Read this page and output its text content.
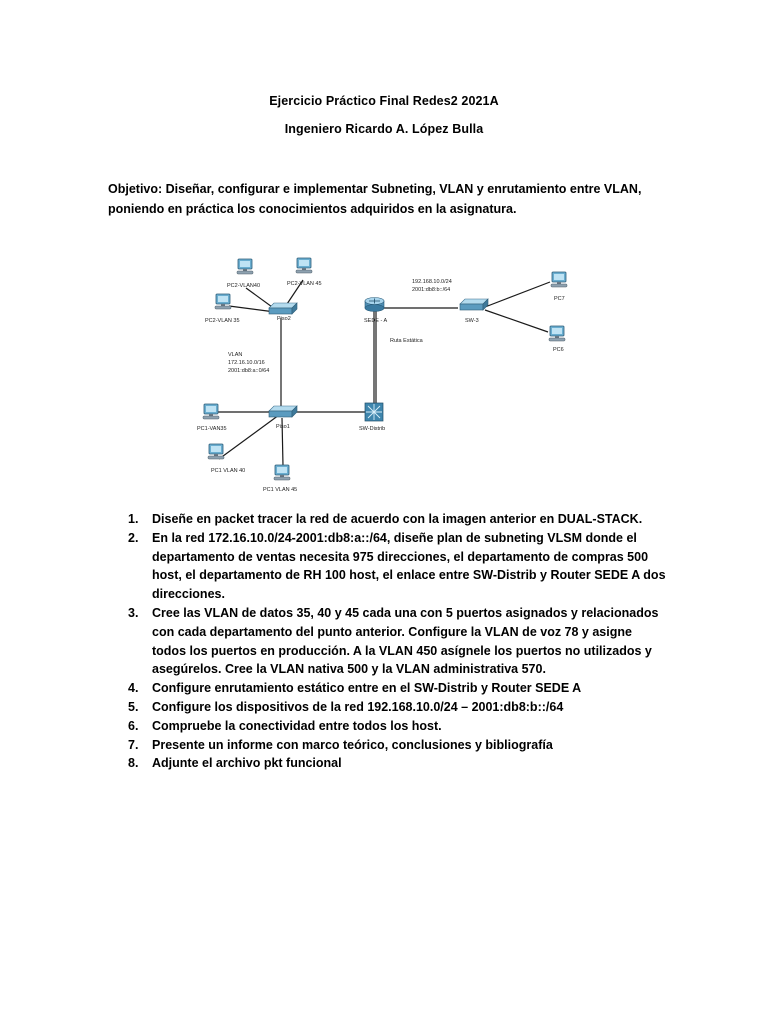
Ejercicio Práctico Final Redes2 2021A
Ingeniero Ricardo A. López Bulla
Objetivo: Diseñar, configurar e implementar Subneting, VLAN y enrutamiento entre VLAN, poniendo en práctica los conocimientos adquiridos en la asignatura.
PC2-VLAN40	PC2-VLAN 45
PC2-VLAN 35	Piso2
PC1-VAN35	Piso1
PC1 VLAN 40
PC1 VLAN 45
SEDE - A	SW-3
SW-Distrib
PC7
PC6
VLAN
172.16.10.0/16
2001:db8:a::0/64
192.168.10.0/24
2001:db8:b::/64
Ruta Estática
1. Diseñe en packet tracer la red de acuerdo con la imagen anterior en DUAL-STACK.
2. En la red 172.16.10.0/24-2001:db8:a::/64, diseñe plan de subneting VLSM donde el departamento de ventas necesita 975 direcciones, el departamento de compras 500 host, el departamento de RH 100 host, el enlace entre SW-Distrib y Router SEDE A dos direcciones.
3. Cree las VLAN de datos 35, 40 y 45 cada una con 5 puertos asignados y relacionados con cada departamento del punto anterior. Configure la VLAN de voz 78 y asigne todos los puertos en producción. A la VLAN 450 asígnele los puertos no utilizados y asegúrelos. Cree la VLAN nativa 500 y la VLAN administrativa 570.
4. Configure enrutamiento estático entre en el SW-Distrib y Router SEDE A
5. Configure los dispositivos de la red 192.168.10.0/24 – 2001:db8:b::/64
6. Compruebe la conectividad entre todos los host.
7. Presente un informe con marco teórico, conclusiones y bibliografía
8. Adjunte el archivo pkt funcional
